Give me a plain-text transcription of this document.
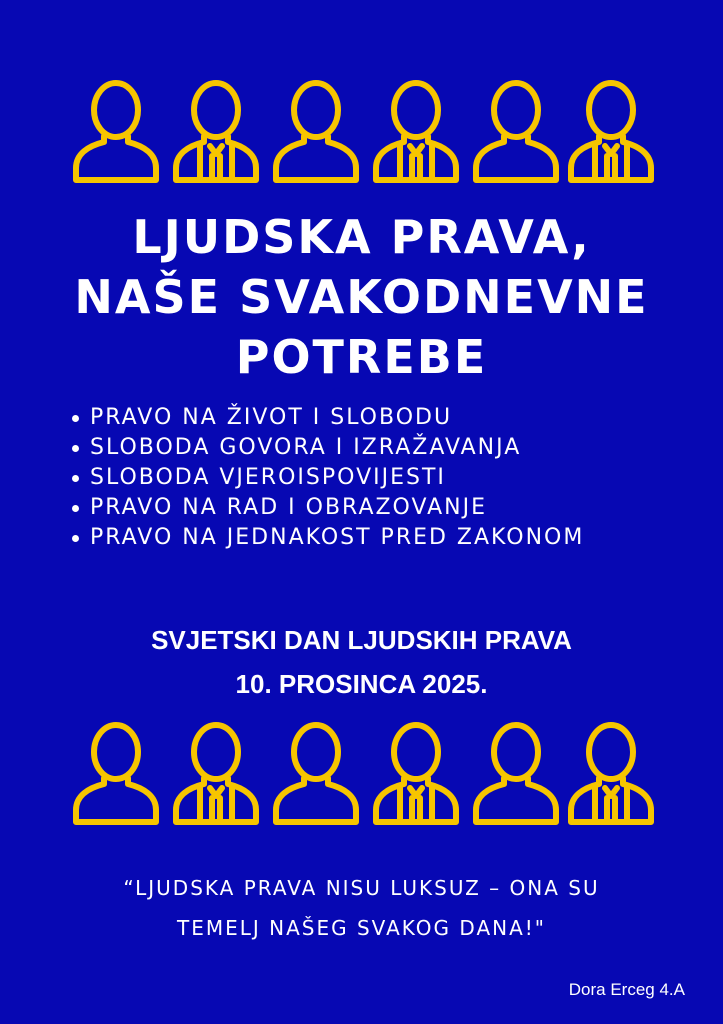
LJUDSKA PRAVA,
NAŠE SVAKODNEVNE
POTREBE
PRAVO NA ŽIVOT I SLOBODU
SLOBODA GOVORA I IZRAŽAVANJA
SLOBODA VJEROISPOVIJESTI
PRAVO NA RAD I OBRAZOVANJE
PRAVO NA JEDNAKOST PRED ZAKONOM
SVJETSKI DAN LJUDSKIH PRAVA
10. PROSINCA 2025.
“LJUDSKA PRAVA NISU LUKSUZ – ONA SU
TEMELJ NAŠEG SVAKOG DANA!"
Dora Erceg 4.A
